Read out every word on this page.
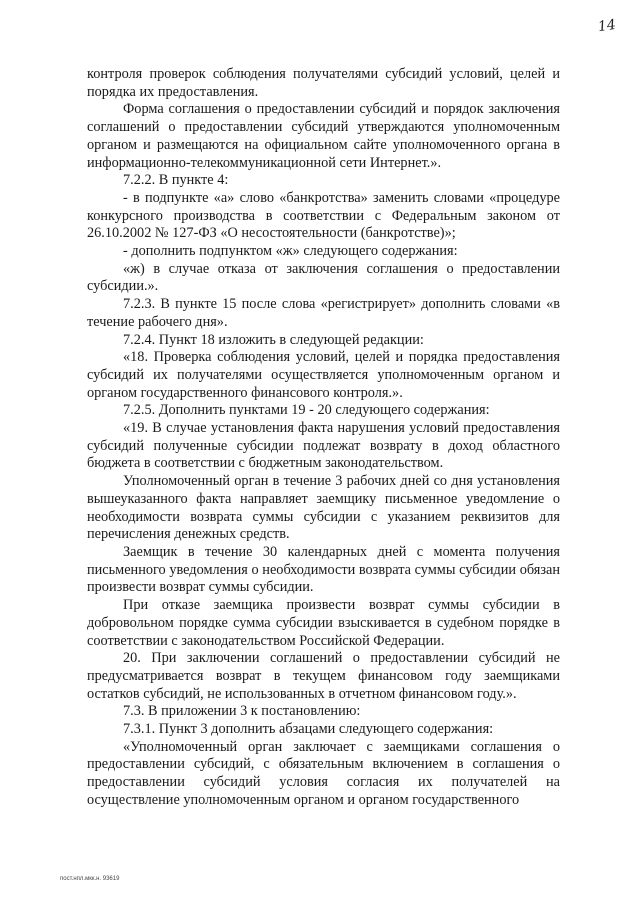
14

контроля проверок соблюдения получателями субсидий условий, целей и порядка их предоставления.

Форма соглашения о предоставлении субсидий и порядок заключения соглашений о предоставлении субсидий утверждаются уполномоченным органом и размещаются на официальном сайте уполномоченного органа в информационно-телекоммуникационной сети Интернет.».

7.2.2. В пункте 4:

- в подпункте «а» слово «банкротства» заменить словами «процедуре конкурсного производства в соответствии с Федеральным законом от 26.10.2002 № 127-ФЗ «О несостоятельности (банкротстве)»;

- дополнить подпунктом «ж» следующего содержания:

«ж) в случае отказа от заключения соглашения о предоставлении субсидии.».

7.2.3. В пункте 15 после слова «регистрирует» дополнить словами «в течение рабочего дня».

7.2.4. Пункт 18 изложить в следующей редакции:

«18. Проверка соблюдения условий, целей и порядка предоставления субсидий их получателями осуществляется уполномоченным органом и органом государственного финансового контроля.».

7.2.5. Дополнить пунктами 19 - 20 следующего содержания:

«19. В случае установления факта нарушения условий предоставления субсидий полученные субсидии подлежат возврату в доход областного бюджета в соответствии с бюджетным законодательством.

Уполномоченный орган в течение 3 рабочих дней со дня установления вышеуказанного факта направляет заемщику письменное уведомление о необходимости возврата суммы субсидии с указанием реквизитов для перечисления денежных средств.

Заемщик в течение 30 календарных дней с момента получения письменного уведомления о необходимости возврата суммы субсидии обязан произвести возврат суммы субсидии.

При отказе заемщика произвести возврат суммы субсидии в добровольном порядке сумма субсидии взыскивается в судебном порядке в соответствии с законодательством Российской Федерации.

20. При заключении соглашений о предоставлении субсидий не предусматривается возврат в текущем финансовом году заемщиками остатков субсидий, не использованных в отчетном финансовом году.».

7.3. В приложении 3 к постановлению:

7.3.1. Пункт 3 дополнить абзацами следующего содержания:

«Уполномоченный орган заключает с заемщиками соглашения о предоставлении субсидий, с обязательным включением в соглашения о предоставлении субсидий условия согласия их получателей на осуществление уполномоченным органом и органом государственного

пост.нпл.мкк.н. 93619
